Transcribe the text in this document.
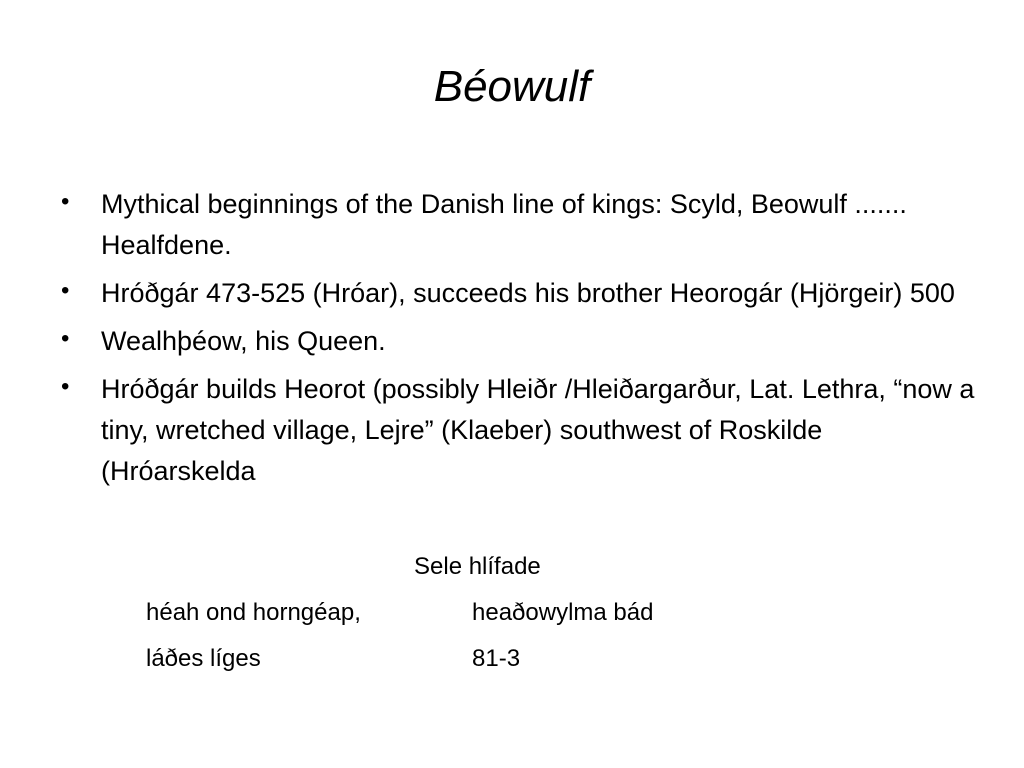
Béowulf
• Mythical beginnings of the Danish line of kings: Scyld, Beowulf ....... Healfdene.
• Hróðgár 473-525 (Hróar), succeeds his brother Heorogár (Hjörgeir) 500
• Wealhþéow, his Queen.
• Hróðgár builds Heorot (possibly Hleiðr /Hleiðargarður, Lat. Lethra, “now a tiny, wretched village, Lejre” (Klaeber) southwest of Roskilde (Hróarskelda
Sele hlífade
héah ond horngéap,	heaðowylma bád
láðes líges	81-3
